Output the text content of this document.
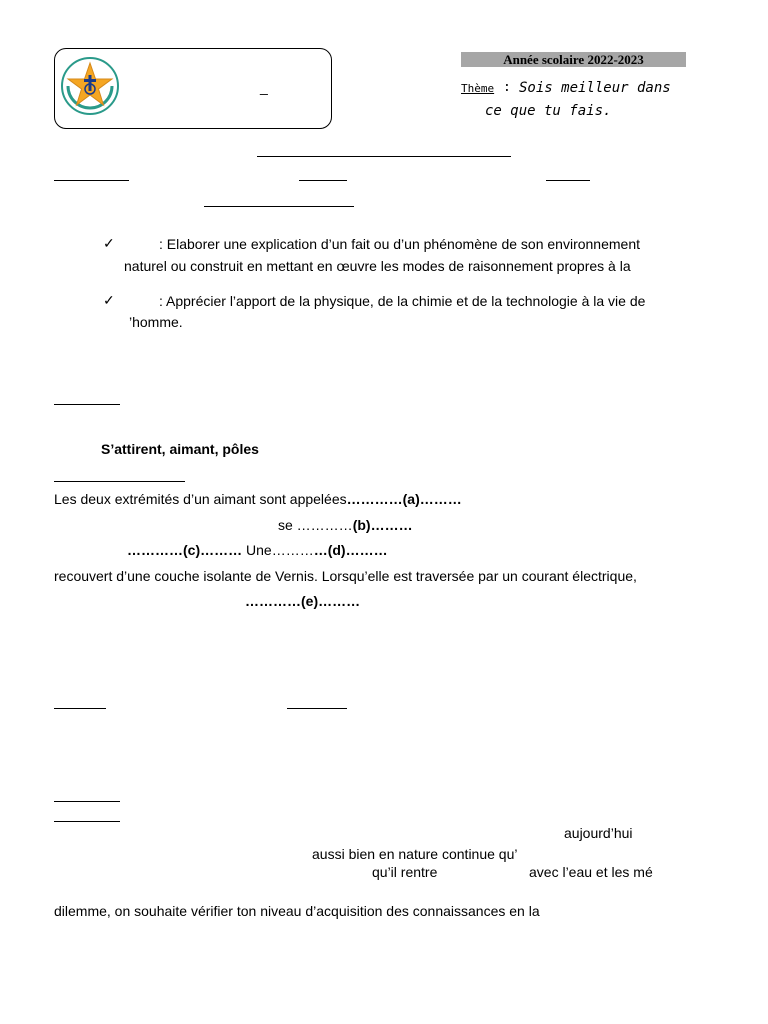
_
Année scolaire 2022-2023
Thème : Sois meilleur dans
ce que tu fais.
✓	: Elaborer une explication d’un fait ou d’un phénomène de son environnement
naturel ou construit en mettant en œuvre les modes de raisonnement propres à la
✓	: Apprécier l’apport de la physique, de la chimie et de la technologie à la vie de
’homme.
S’attirent, aimant, pôles
Les deux extrémités d’un aimant sont appelées…………(a)………
se …………(b)………
…………(c)……… Une…………(d)………
recouvert d’une couche isolante de Vernis. Lorsqu’elle est traversée par un courant électrique,
…………(e)………
aujourd’hui
aussi bien en nature continue qu’
qu’il rentre	avec l’eau et les mé
dilemme, on souhaite vérifier ton niveau d’acquisition des connaissances en la
